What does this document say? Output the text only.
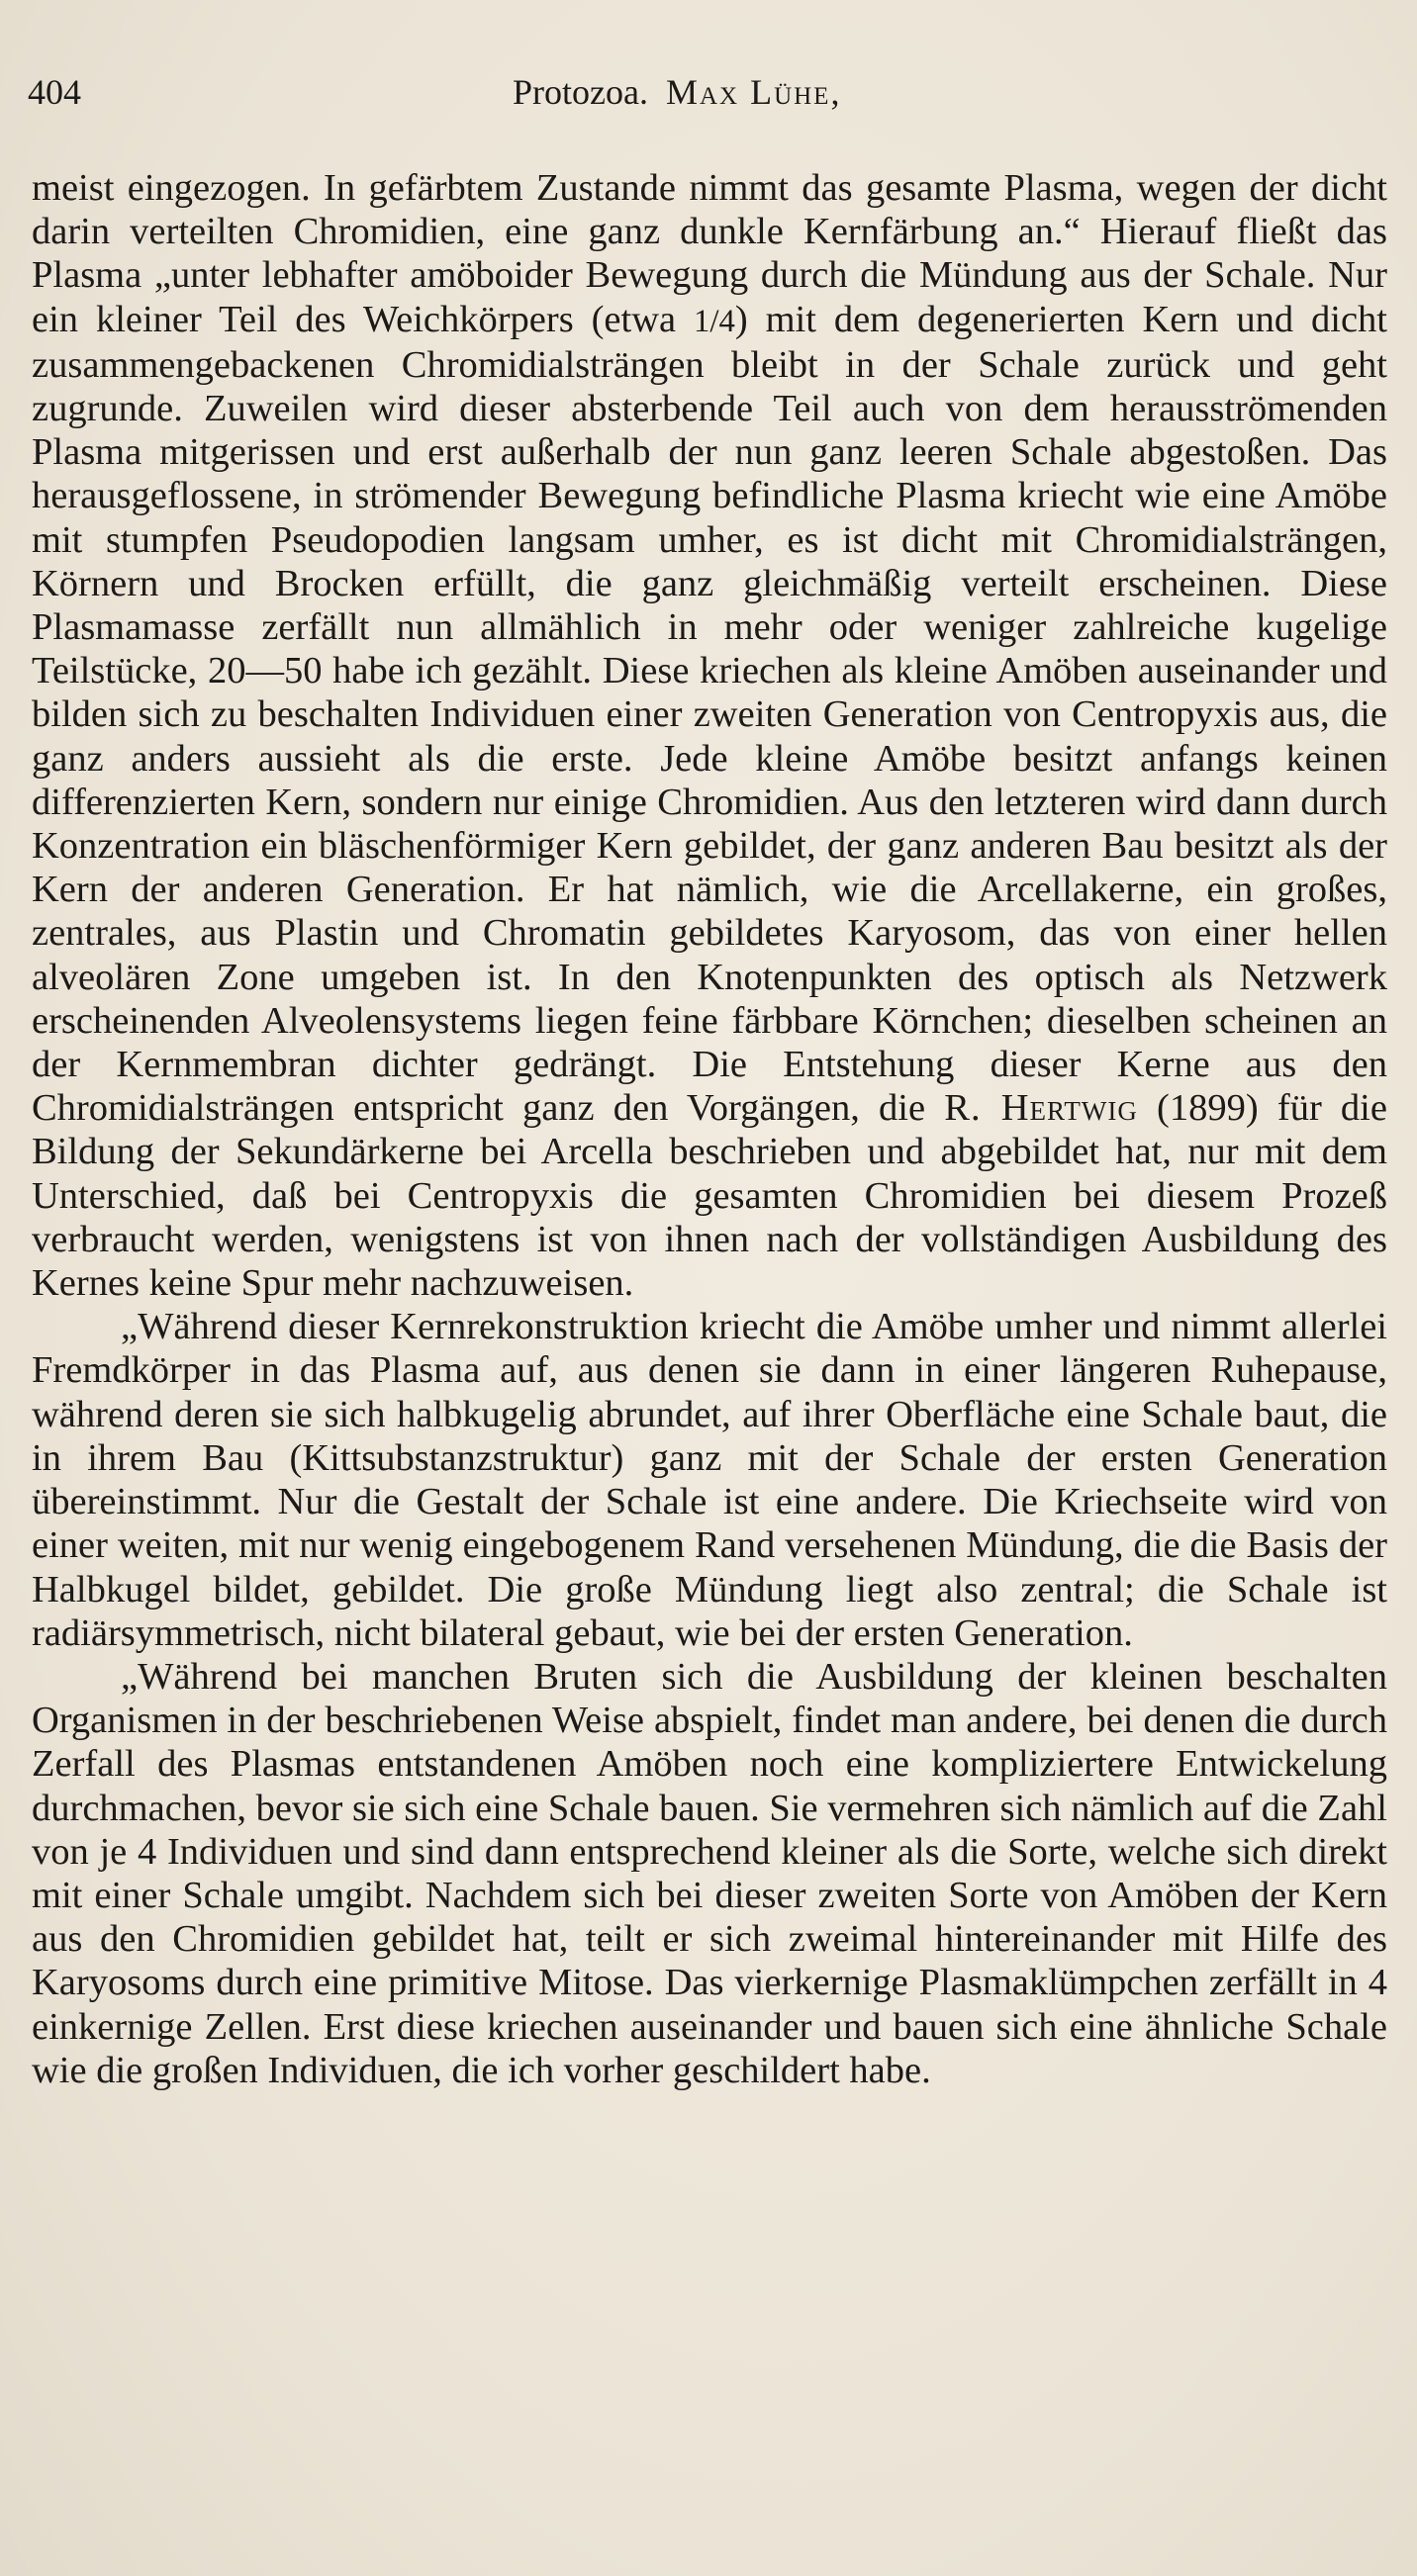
404	Protozoa. Max Lühe,

meist eingezogen. In gefärbtem Zustande nimmt das gesamte Plasma, wegen der dicht darin verteilten Chromidien, eine ganz dunkle Kernfärbung an.“ Hierauf fließt das Plasma „unter lebhafter amöboider Bewegung durch die Mündung aus der Schale. Nur ein kleiner Teil des Weichkörpers (etwa 1/4) mit dem degenerierten Kern und dicht zusammengebackenen Chromidialsträngen bleibt in der Schale zurück und geht zugrunde. Zuweilen wird dieser absterbende Teil auch von dem herausströmenden Plasma mitgerissen und erst außerhalb der nun ganz leeren Schale abgestoßen. Das herausgeflossene, in strömender Bewegung befindliche Plasma kriecht wie eine Amöbe mit stumpfen Pseudopodien langsam umher, es ist dicht mit Chromidialsträngen, Körnern und Brocken erfüllt, die ganz gleichmäßig verteilt erscheinen. Diese Plasmamasse zerfällt nun allmählich in mehr oder weniger zahlreiche kugelige Teilstücke, 20—50 habe ich gezählt. Diese kriechen als kleine Amöben auseinander und bilden sich zu beschalten Individuen einer zweiten Generation von Centropyxis aus, die ganz anders aussieht als die erste. Jede kleine Amöbe besitzt anfangs keinen differenzierten Kern, sondern nur einige Chromidien. Aus den letzteren wird dann durch Konzentration ein bläschenförmiger Kern gebildet, der ganz anderen Bau besitzt als der Kern der anderen Generation. Er hat nämlich, wie die Arcellakerne, ein großes, zentrales, aus Plastin und Chromatin gebildetes Karyosom, das von einer hellen alveolären Zone umgeben ist. In den Knotenpunkten des optisch als Netzwerk erscheinenden Alveolensystems liegen feine färbbare Körnchen; dieselben scheinen an der Kernmembran dichter gedrängt. Die Entstehung dieser Kerne aus den Chromidialsträngen entspricht ganz den Vorgängen, die R. Hertwig (1899) für die Bildung der Sekundärkerne bei Arcella beschrieben und abgebildet hat, nur mit dem Unterschied, daß bei Centropyxis die gesamten Chromidien bei diesem Prozeß verbraucht werden, wenigstens ist von ihnen nach der vollständigen Ausbildung des Kernes keine Spur mehr nachzuweisen.

„Während dieser Kernrekonstruktion kriecht die Amöbe umher und nimmt allerlei Fremdkörper in das Plasma auf, aus denen sie dann in einer längeren Ruhepause, während deren sie sich halbkugelig abrundet, auf ihrer Oberfläche eine Schale baut, die in ihrem Bau (Kittsubstanzstruktur) ganz mit der Schale der ersten Generation übereinstimmt. Nur die Gestalt der Schale ist eine andere. Die Kriechseite wird von einer weiten, mit nur wenig eingebogenem Rand versehenen Mündung, die die Basis der Halbkugel bildet, gebildet. Die große Mündung liegt also zentral; die Schale ist radiärsymmetrisch, nicht bilateral gebaut, wie bei der ersten Generation.

„Während bei manchen Bruten sich die Ausbildung der kleinen beschalten Organismen in der beschriebenen Weise abspielt, findet man andere, bei denen die durch Zerfall des Plasmas entstandenen Amöben noch eine kompliziertere Entwickelung durchmachen, bevor sie sich eine Schale bauen. Sie vermehren sich nämlich auf die Zahl von je 4 Individuen und sind dann entsprechend kleiner als die Sorte, welche sich direkt mit einer Schale umgibt. Nachdem sich bei dieser zweiten Sorte von Amöben der Kern aus den Chromidien gebildet hat, teilt er sich zweimal hintereinander mit Hilfe des Karyosoms durch eine primitive Mitose. Das vierkernige Plasmaklümpchen zerfällt in 4 einkernige Zellen. Erst diese kriechen auseinander und bauen sich eine ähnliche Schale wie die großen Individuen, die ich vorher geschildert habe.
